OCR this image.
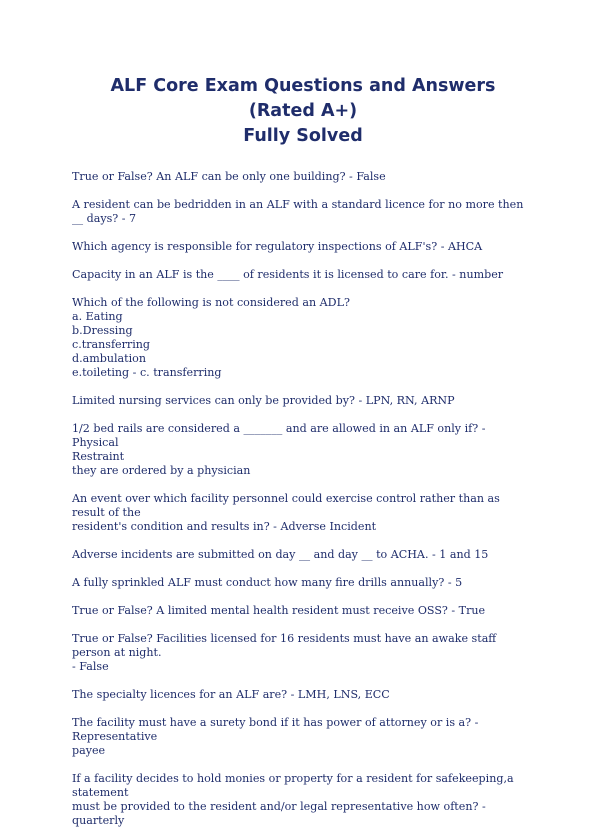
ALF Core Exam Questions and Answers (Rated A+)
Fully Solved

True or False? An ALF can be only one building? - False

A resident can be bedridden in an ALF with a standard licence for no more then __ days? - 7

Which agency is responsible for regulatory inspections of ALF's? - AHCA

Capacity in an ALF is the ____ of residents it is licensed to care for. - number

Which of the following is not considered an ADL?
a. Eating
b.Dressing
c.transferring
d.ambulation
e.toileting - c. transferring

Limited nursing services can only be provided by? - LPN, RN, ARNP

1/2 bed rails are considered a _______ and are allowed in an ALF only if? - Physical
Restraint
they are ordered by a physician

An event over which facility personnel could exercise control rather than as result of the
resident's condition and results in? - Adverse Incident

Adverse incidents are submitted on day __ and day __ to ACHA. - 1 and 15

A fully sprinkled ALF must conduct how many fire drills annually? - 5

True or False? A limited mental health resident must receive OSS? - True

True or False? Facilities licensed for 16 residents must have an awake staff person at night.
- False

The specialty licences for an ALF are? - LMH, LNS, ECC

The facility must have a surety bond if it has power of attorney or is a? - Representative
payee

If a facility decides to hold monies or property for a resident for safekeeping,a statement
must be provided to the resident and/or legal representative how often? - quarterly
